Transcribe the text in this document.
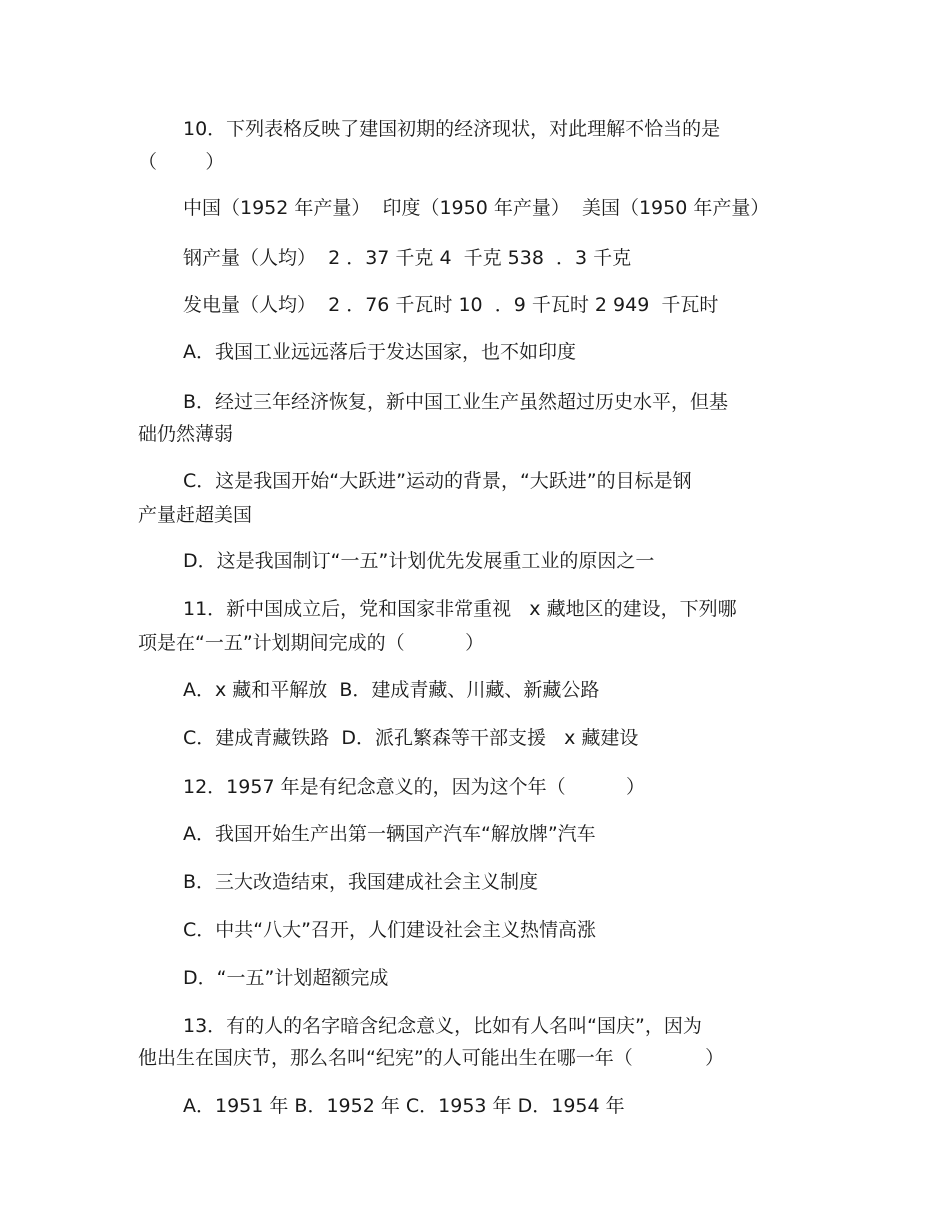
10．下列表格反映了建国初期的经济现状，对此理解不恰当的是

（        ）

中国（1952 年产量）  印度（1950 年产量）  美国（1950 年产量）

钢产量（人均）  2 ．37 千克 4  千克 538  ．3 千克

发电量（人均）  2 ．76 千瓦时 10  ．9 千瓦时 2 949  千瓦时

A．我国工业远远落后于发达国家，也不如印度

B．经过三年经济恢复，新中国工业生产虽然超过历史水平，但基

础仍然薄弱

C．这是我国开始“大跃进”运动的背景，“大跃进”的目标是钢

产量赶超美国

D．这是我国制订“一五”计划优先发展重工业的原因之一

11．新中国成立后，党和国家非常重视   x 藏地区的建设，下列哪

项是在“一五”计划期间完成的（          ）

A．x 藏和平解放  B．建成青藏、川藏、新藏公路

C．建成青藏铁路  D．派孔繁森等干部支援   x 藏建设

12．1957 年是有纪念意义的，因为这个年（          ）

A．我国开始生产出第一辆国产汽车“解放牌”汽车

B．三大改造结束，我国建成社会主义制度

C．中共“八大”召开，人们建设社会主义热情高涨

D．“一五”计划超额完成

13．有的人的名字暗含纪念意义，比如有人名叫“国庆”，因为

他出生在国庆节，那么名叫“纪宪”的人可能出生在哪一年（            ）

A．1951 年 B．1952 年 C．1953 年 D．1954 年
